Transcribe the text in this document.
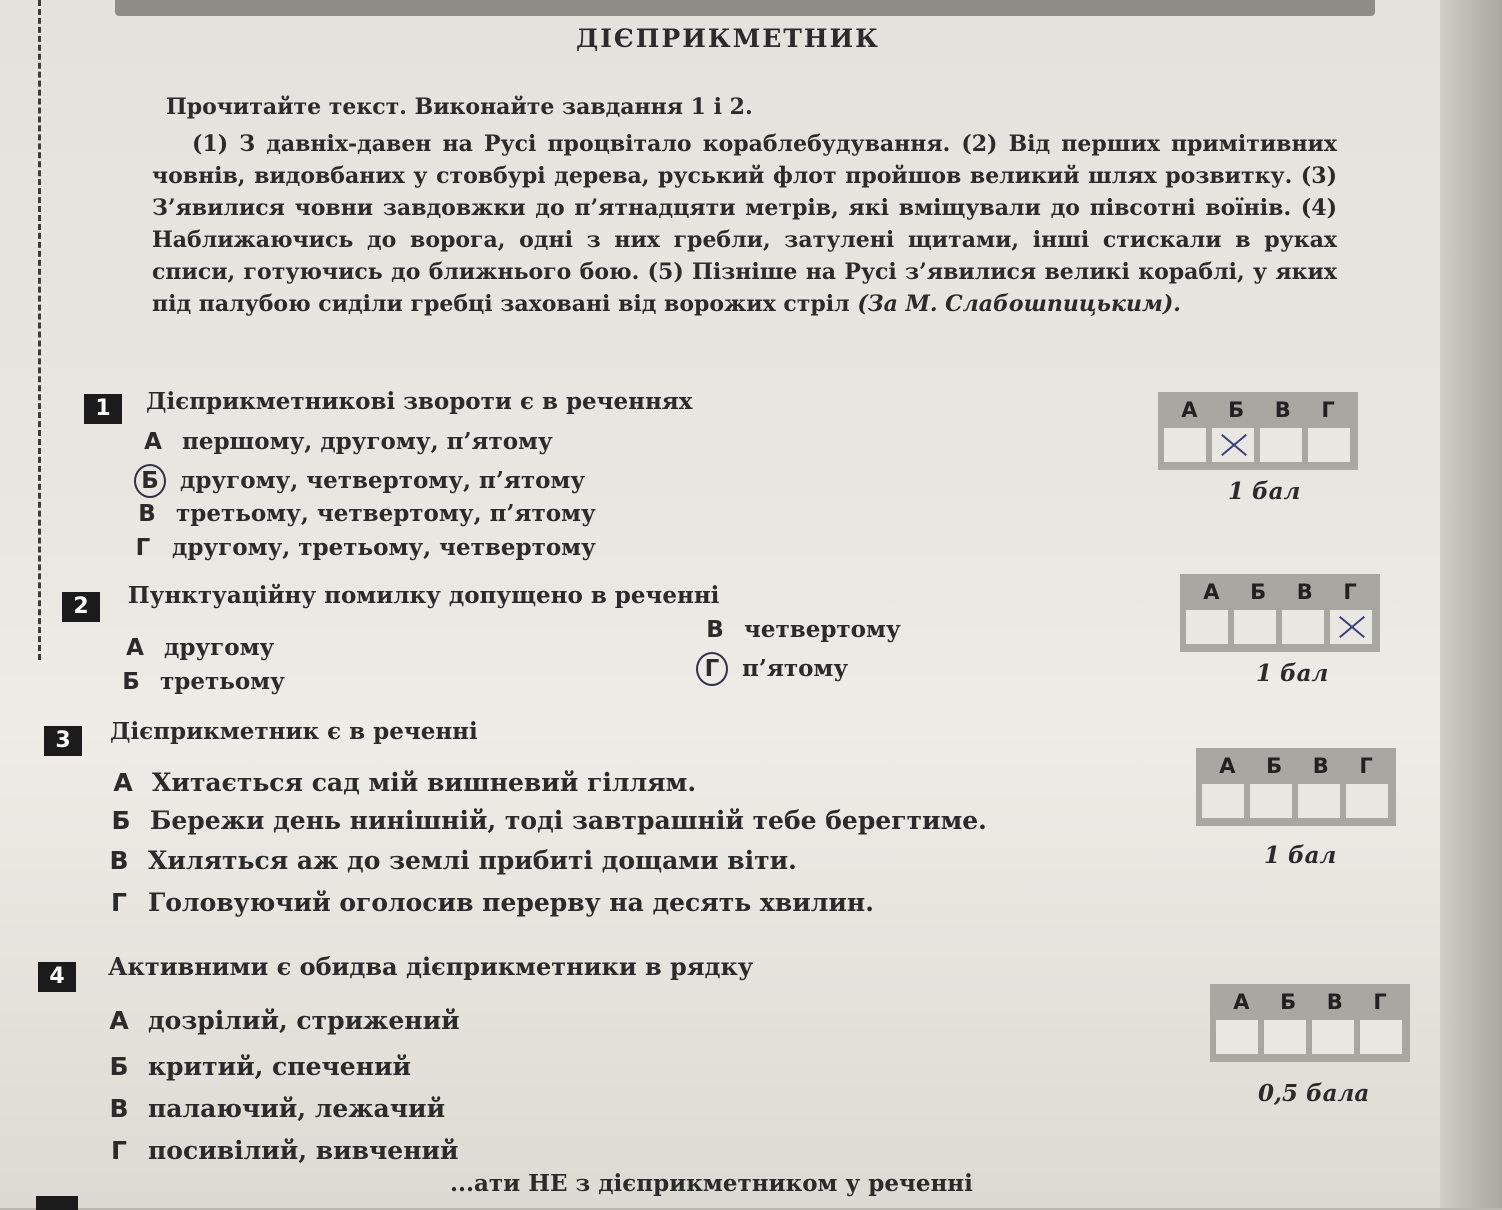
ДІЄПРИКМЕТНИК
Прочитайте текст. Виконайте завдання 1 і 2.

(1) З давніх-давен на Русі процвітало кораблебудування. (2) Від перших примітивних човнів, видовбаних у стовбурі дерева, руський флот пройшов великий шлях розвитку. (3) З’явилися човни завдовжки до п’ятнадцяти метрів, які вміщували до півсотні воїнів. (4) Наближаючись до ворога, одні з них гребли, затулені щитами, інші стискали в руках списи, готуючись до ближнього бою. (5) Пізніше на Русі з’явилися великі кораблі, у яких під палубою сиділи гребці заховані від ворожих стріл (За М. Слабошпицьким).

1	Дієприкметникові звороти є в реченнях
А першому, другому, п’ятому
Б другому, четвертому, п’ятому
В третьому, четвертому, п’ятому
Г другому, третьому, четвертому
А Б В Г
1 бал
2	Пунктуаційну помилку допущено в реченні
А другому
Б третьому
В четвертому
Г п’ятому
А Б В Г
1 бал
3	Дієприкметник є в реченні
А Хитається сад мій вишневий гіллям.
Б Бережи день нинішній, тоді завтрашній тебе берегтиме.
В Хиляться аж до землі прибиті дощами віти.
Г Головуючий оголосив перерву на десять хвилин.
А Б В Г
1 бал
4	Активними є обидва дієприкметники в рядку
А дозрілий, стрижений
Б критий, спечений
В палаючий, лежачий
Г посивілий, вивчений
А Б В Г
0,5 бала
...ати НЕ з дієприкметником у реченні
